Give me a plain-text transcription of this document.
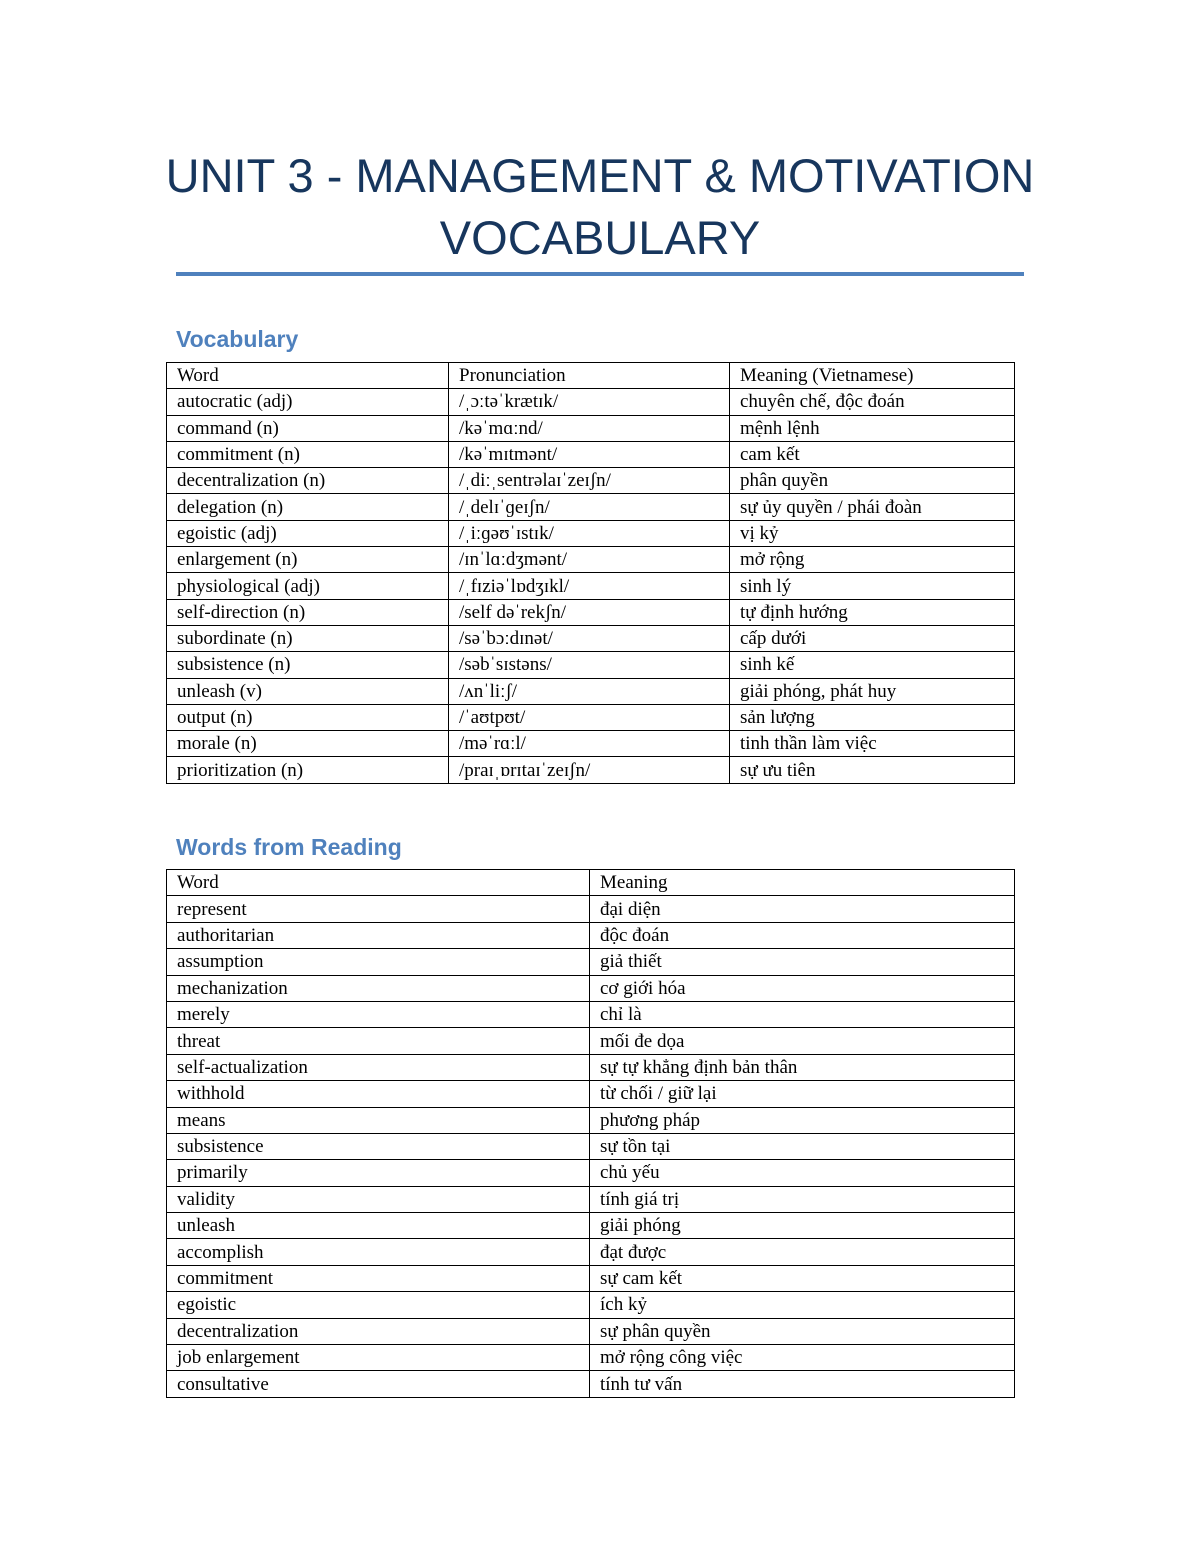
UNIT 3 - MANAGEMENT & MOTIVATION
VOCABULARY
Vocabulary
Word	Pronunciation	Meaning (Vietnamese)
autocratic (adj)	/ˌɔːtəˈkrætɪk/	chuyên chế, độc đoán
command (n)	/kəˈmɑːnd/	mệnh lệnh
commitment (n)	/kəˈmɪtmənt/	cam kết
decentralization (n)	/ˌdiːˌsentrəlaɪˈzeɪʃn/	phân quyền
delegation (n)	/ˌdelɪˈɡeɪʃn/	sự ủy quyền / phái đoàn
egoistic (adj)	/ˌiːɡəʊˈɪstɪk/	vị kỷ
enlargement (n)	/ɪnˈlɑːdʒmənt/	mở rộng
physiological (adj)	/ˌfɪziəˈlɒdʒɪkl/	sinh lý
self-direction (n)	/self dəˈrekʃn/	tự định hướng
subordinate (n)	/səˈbɔːdɪnət/	cấp dưới
subsistence (n)	/səbˈsɪstəns/	sinh kế
unleash (v)	/ʌnˈliːʃ/	giải phóng, phát huy
output (n)	/ˈaʊtpʊt/	sản lượng
morale (n)	/məˈrɑːl/	tinh thần làm việc
prioritization (n)	/praɪˌɒrɪtaɪˈzeɪʃn/	sự ưu tiên
Words from Reading
Word	Meaning
represent	đại diện
authoritarian	độc đoán
assumption	giả thiết
mechanization	cơ giới hóa
merely	chỉ là
threat	mối đe dọa
self-actualization	sự tự khẳng định bản thân
withhold	từ chối / giữ lại
means	phương pháp
subsistence	sự tồn tại
primarily	chủ yếu
validity	tính giá trị
unleash	giải phóng
accomplish	đạt được
commitment	sự cam kết
egoistic	ích kỷ
decentralization	sự phân quyền
job enlargement	mở rộng công việc
consultative	tính tư vấn
